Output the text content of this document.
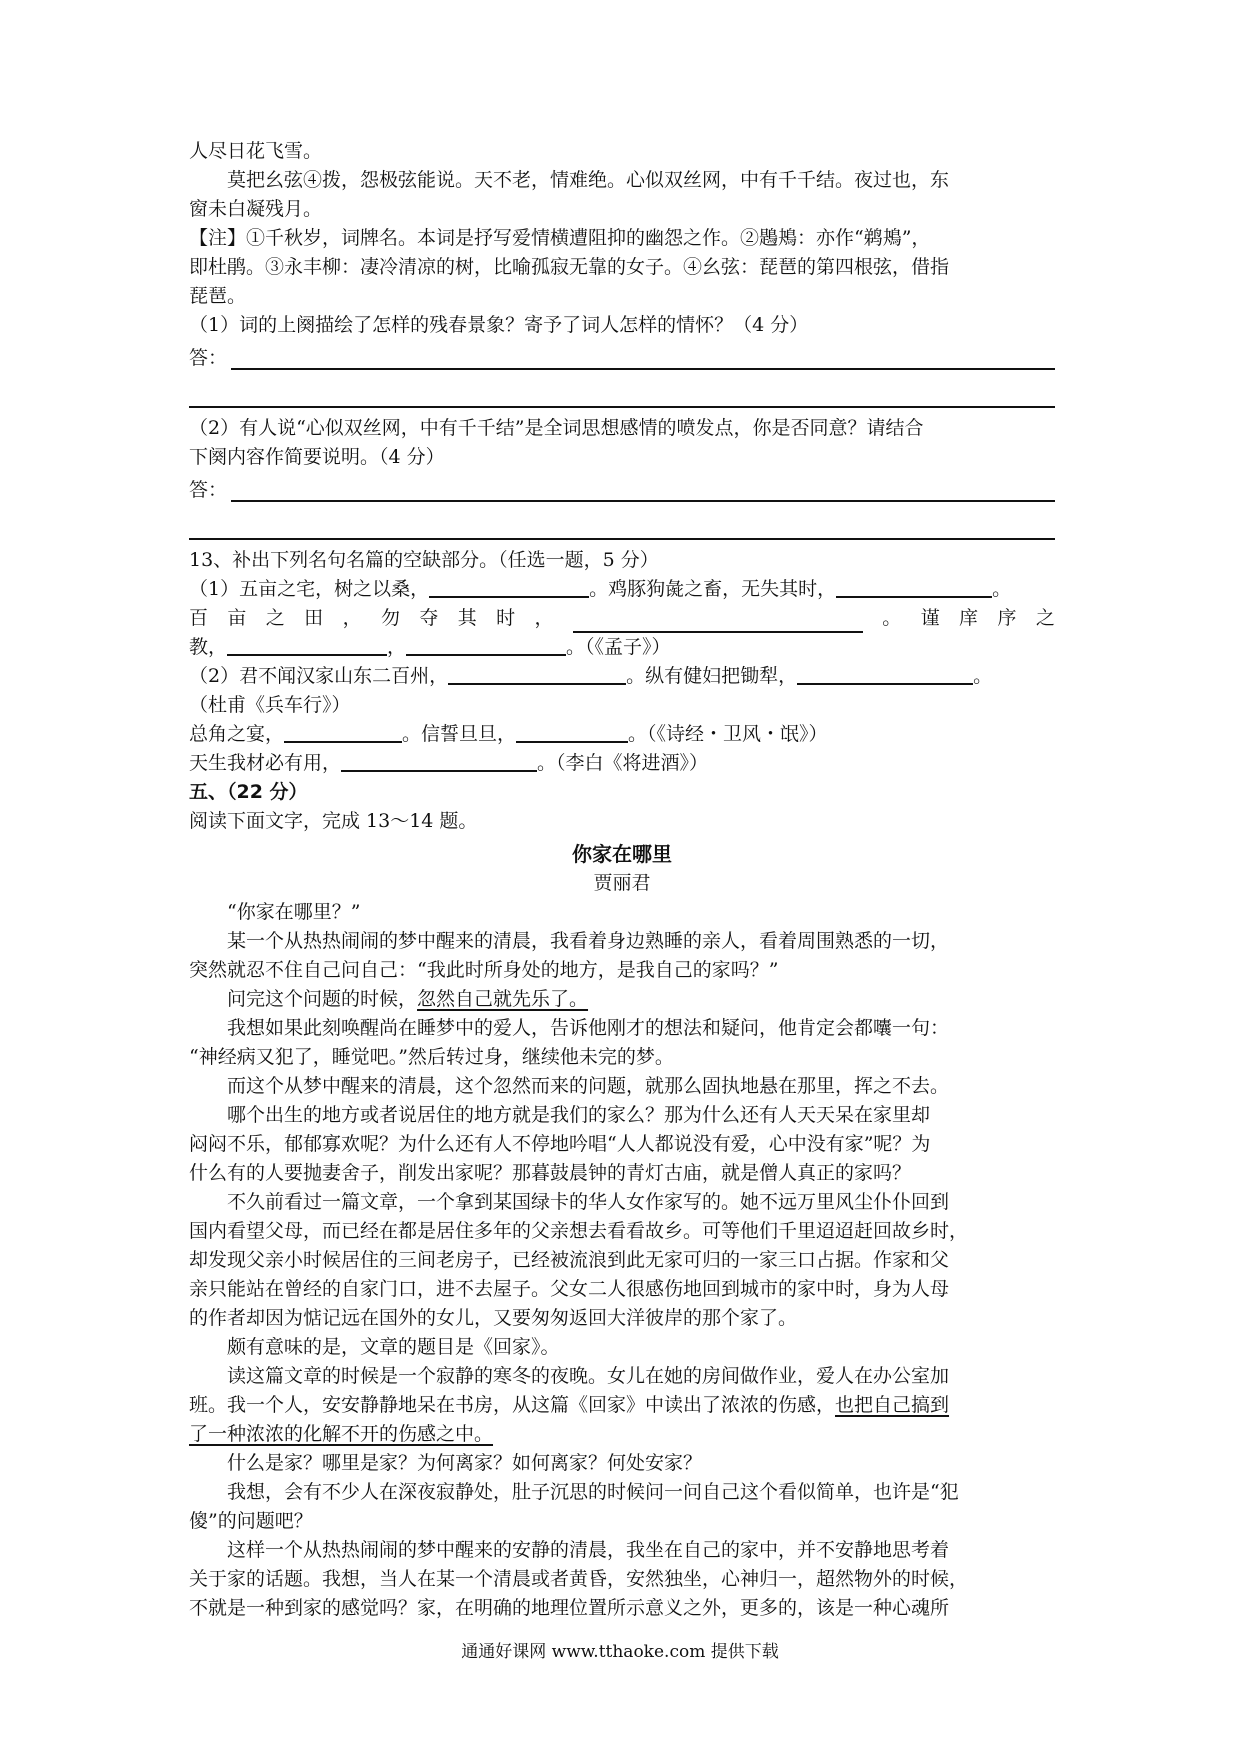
人尽日花飞雪。
莫把幺弦④拨，怨极弦能说。天不老，情难绝。心似双丝网，中有千千结。夜过也，东
窗未白凝残月。
【注】①千秋岁，词牌名。本词是抒写爱情横遭阻抑的幽怨之作。②鶗鴂：亦作“鹈鴂”，
即杜鹃。③永丰柳：凄冷清凉的树，比喻孤寂无靠的女子。④幺弦：琵琶的第四根弦，借指
琵琶。
（1）词的上阕描绘了怎样的残春景象？寄予了词人怎样的情怀？（4 分）
答：
（2）有人说“心似双丝网，中有千千结”是全词思想感情的喷发点，你是否同意？请结合
下阕内容作简要说明。（4 分）
答：
13、补出下列名句名篇的空缺部分。（任选一题，5 分）
（1）五亩之宅，树之以桑，	。鸡豚狗彘之畜，无失其时，	。
百 亩 之 田 ， 勿 夺 其 时 ，	。 谨 庠 序 之
教，	，	。（《孟子》）
（2）君不闻汉家山东二百州，	。纵有健妇把锄犁，	。
（杜甫《兵车行》）
总角之宴，	。信誓旦旦，	。（《诗经・卫风・氓》）
天生我材必有用，	。（李白《将进酒》）
五、（22 分）
阅读下面文字，完成 13～14 题。
你家在哪里
贾丽君
“你家在哪里？”
某一个从热热闹闹的梦中醒来的清晨，我看着身边熟睡的亲人，看着周围熟悉的一切，
突然就忍不住自己问自己：“我此时所身处的地方，是我自己的家吗？”
问完这个问题的时候，忽然自己就先乐了。
我想如果此刻唤醒尚在睡梦中的爱人，告诉他刚才的想法和疑问，他肯定会都囔一句：
“神经病又犯了，睡觉吧。”然后转过身，继续他未完的梦。
而这个从梦中醒来的清晨，这个忽然而来的问题，就那么固执地悬在那里，挥之不去。
哪个出生的地方或者说居住的地方就是我们的家么？那为什么还有人天天呆在家里却
闷闷不乐，郁郁寡欢呢？为什么还有人不停地吟唱“人人都说没有爱，心中没有家”呢？为
什么有的人要抛妻舍子，削发出家呢？那暮鼓晨钟的青灯古庙，就是僧人真正的家吗？
不久前看过一篇文章，一个拿到某国绿卡的华人女作家写的。她不远万里风尘仆仆回到
国内看望父母，而已经在都是居住多年的父亲想去看看故乡。可等他们千里迢迢赶回故乡时，
却发现父亲小时候居住的三间老房子，已经被流浪到此无家可归的一家三口占据。作家和父
亲只能站在曾经的自家门口，进不去屋子。父女二人很感伤地回到城市的家中时，身为人母
的作者却因为惦记远在国外的女儿，又要匆匆返回大洋彼岸的那个家了。
颇有意味的是，文章的题目是《回家》。
读这篇文章的时候是一个寂静的寒冬的夜晚。女儿在她的房间做作业，爱人在办公室加
班。我一个人，安安静静地呆在书房，从这篇《回家》中读出了浓浓的伤感，也把自己搞到
了一种浓浓的化解不开的伤感之中。
什么是家？哪里是家？为何离家？如何离家？何处安家？
我想，会有不少人在深夜寂静处，肚子沉思的时候问一问自己这个看似简单，也许是“犯
傻”的问题吧？
这样一个从热热闹闹的梦中醒来的安静的清晨，我坐在自己的家中，并不安静地思考着
关于家的话题。我想，当人在某一个清晨或者黄昏，安然独坐，心神归一，超然物外的时候，
不就是一种到家的感觉吗？家，在明确的地理位置所示意义之外，更多的，该是一种心魂所
通通好课网 www.tthaoke.com 提供下载
